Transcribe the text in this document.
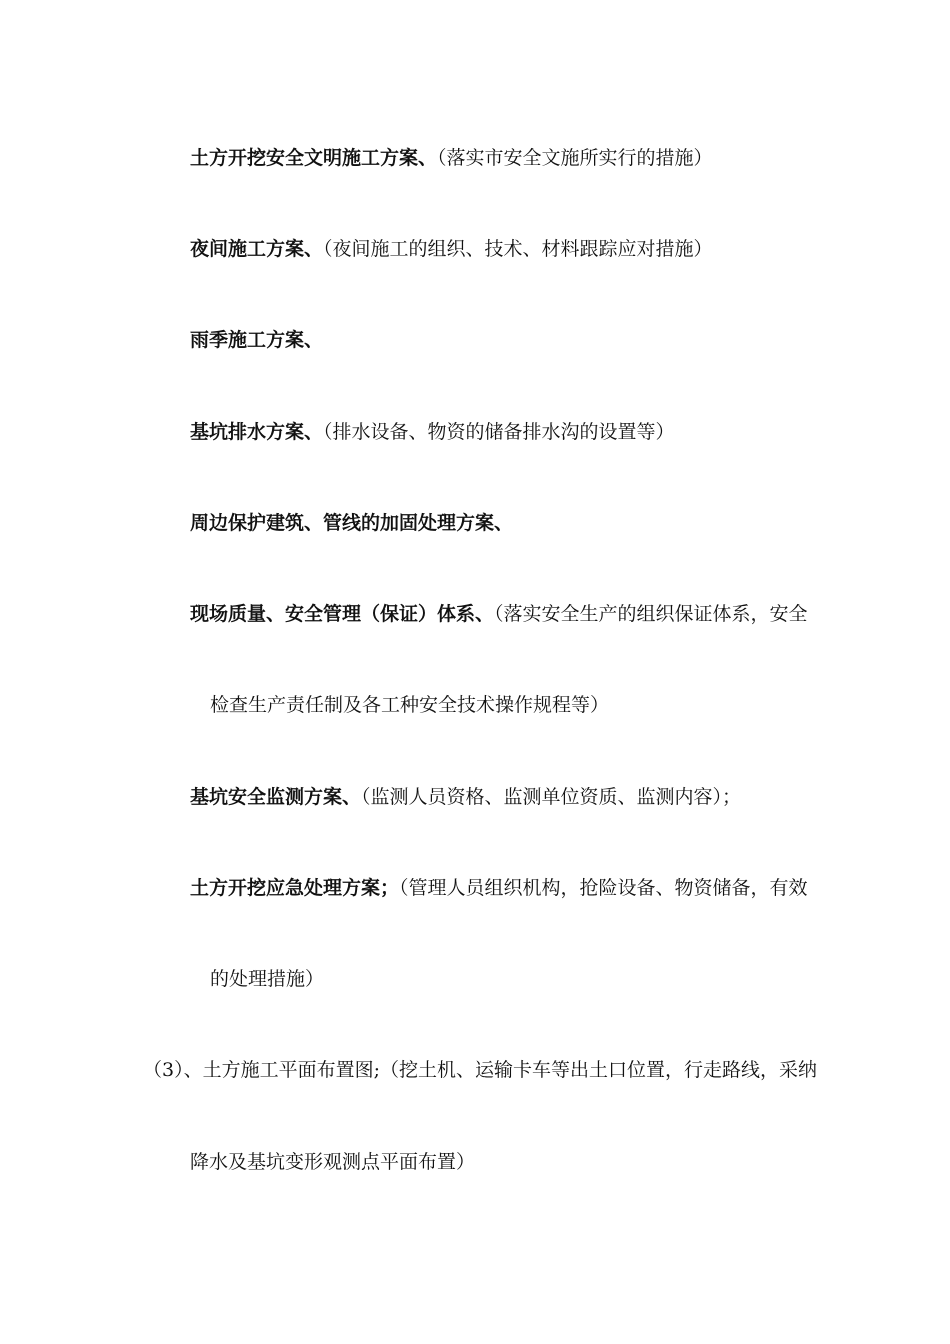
土方开挖安全文明施工方案、（落实市安全文施所实行的措施）
夜间施工方案、（夜间施工的组织、技术、材料跟踪应对措施）
雨季施工方案、
基坑排水方案、（排水设备、物资的储备排水沟的设置等）
周边保护建筑、管线的加固处理方案、
现场质量、安全管理（保证）体系、（落实安全生产的组织保证体系，安全
检查生产责任制及各工种安全技术操作规程等）
基坑安全监测方案、（监测人员资格、监测单位资质、监测内容）；
土方开挖应急处理方案；（管理人员组织机构，抢险设备、物资储备，有效
的处理措施）
（3）、土方施工平面布置图;（挖土机、运输卡车等出土口位置，行走路线，采纳
降水及基坑变形观测点平面布置）
